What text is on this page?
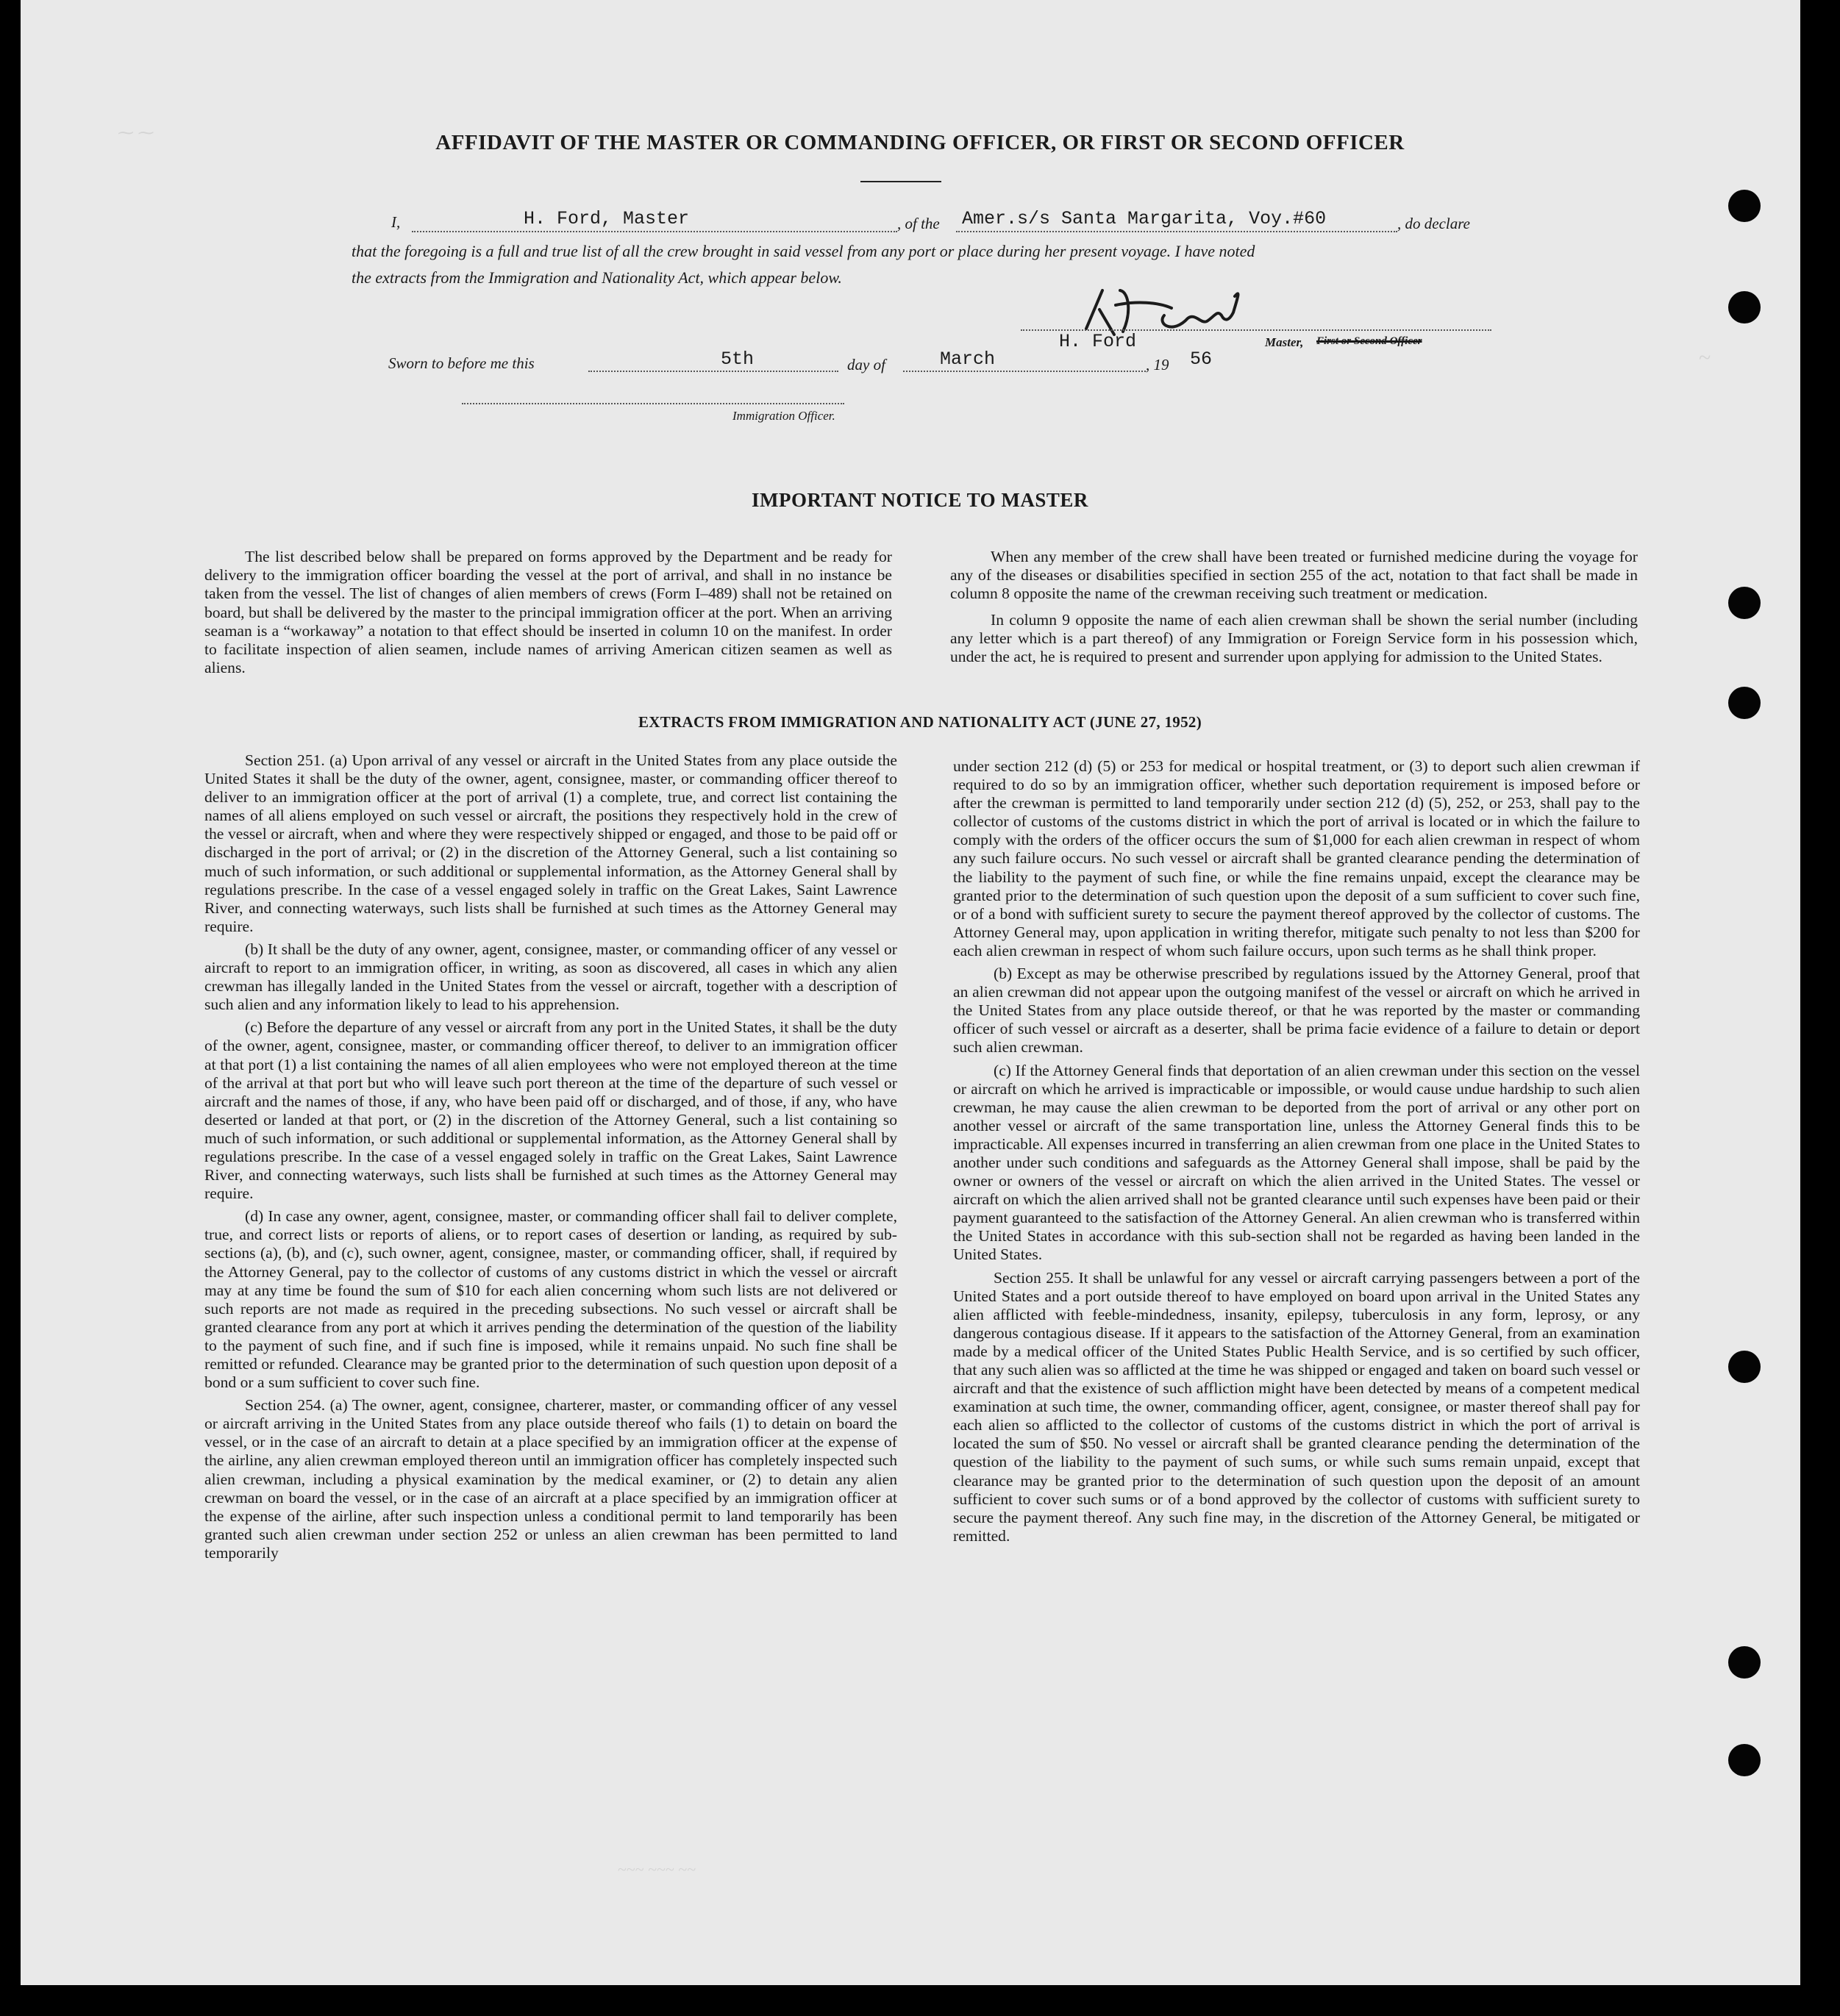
⁓ ⁓
~
~~~ ~~~ ~~
AFFIDAVIT OF THE MASTER OR COMMANDING OFFICER, OR FIRST OR SECOND OFFICER
I,	H. Ford, Master	, of the Amer.s/s Santa Margarita, Voy.#60	, do declare
that the foregoing is a full and true list of all the crew brought in said vessel from any port or place during her present voyage. I have noted
the extracts from the Immigration and Nationality Act, which appear below.
H. Ford	Master, First or Second Officer
Sworn to before me this	5th	day of	March	, 19 56
Immigration Officer.
IMPORTANT NOTICE TO MASTER

The list described below shall be prepared on forms approved by the Department and be ready for delivery to the immigration officer boarding the vessel at the port of arrival, and shall in no instance be taken from the vessel. The list of changes of alien members of crews (Form I–489) shall not be retained on board, but shall be delivered by the master to the principal immigration officer at the port. When an arriving seaman is a “workaway” a notation to that effect should be inserted in column 10 on the manifest. In order to facilitate inspection of alien seamen, include names of arriving American citizen seamen as well as aliens.

When any member of the crew shall have been treated or furnished medicine during the voyage for any of the diseases or disabilities specified in section 255 of the act, notation to that fact shall be made in column 8 opposite the name of the crewman receiving such treatment or medication.

In column 9 opposite the name of each alien crewman shall be shown the serial number (including any letter which is a part thereof) of any Immigration or Foreign Service form in his possession which, under the act, he is required to present and surrender upon applying for admission to the United States.

EXTRACTS FROM IMMIGRATION AND NATIONALITY ACT (JUNE 27, 1952)

Section 251. (a) Upon arrival of any vessel or aircraft in the United States from any place outside the United States it shall be the duty of the owner, agent, consignee, master, or commanding officer thereof to deliver to an immigration officer at the port of arrival (1) a complete, true, and correct list containing the names of all aliens employed on such vessel or aircraft, the positions they respectively hold in the crew of the vessel or aircraft, when and where they were respectively shipped or engaged, and those to be paid off or discharged in the port of arrival; or (2) in the discretion of the Attorney General, such a list containing so much of such information, or such additional or supplemental information, as the Attorney General shall by regulations prescribe. In the case of a vessel engaged solely in traffic on the Great Lakes, Saint Lawrence River, and connecting waterways, such lists shall be furnished at such times as the Attorney General may require.

(b) It shall be the duty of any owner, agent, consignee, master, or commanding officer of any vessel or aircraft to report to an immigration officer, in writing, as soon as discovered, all cases in which any alien crewman has illegally landed in the United States from the vessel or aircraft, together with a description of such alien and any information likely to lead to his apprehension.

(c) Before the departure of any vessel or aircraft from any port in the United States, it shall be the duty of the owner, agent, consignee, master, or commanding officer thereof, to deliver to an immigration officer at that port (1) a list containing the names of all alien employees who were not employed thereon at the time of the arrival at that port but who will leave such port thereon at the time of the departure of such vessel or aircraft and the names of those, if any, who have been paid off or discharged, and of those, if any, who have deserted or landed at that port, or (2) in the discretion of the Attorney General, such a list containing so much of such information, or such additional or supplemental information, as the Attorney General shall by regulations prescribe. In the case of a vessel engaged solely in traffic on the Great Lakes, Saint Lawrence River, and connecting waterways, such lists shall be furnished at such times as the Attorney General may require.

(d) In case any owner, agent, consignee, master, or commanding officer shall fail to deliver complete, true, and correct lists or reports of aliens, or to report cases of desertion or landing, as required by sub-sections (a), (b), and (c), such owner, agent, consignee, master, or commanding officer, shall, if required by the Attorney General, pay to the collector of customs of any customs district in which the vessel or aircraft may at any time be found the sum of $10 for each alien concerning whom such lists are not delivered or such reports are not made as required in the preceding subsections. No such vessel or aircraft shall be granted clearance from any port at which it arrives pending the determination of the question of the liability to the payment of such fine, and if such fine is imposed, while it remains unpaid. No such fine shall be remitted or refunded. Clearance may be granted prior to the determination of such question upon deposit of a bond or a sum sufficient to cover such fine.

Section 254. (a) The owner, agent, consignee, charterer, master, or commanding officer of any vessel or aircraft arriving in the United States from any place outside thereof who fails (1) to detain on board the vessel, or in the case of an aircraft to detain at a place specified by an immigration officer at the expense of the airline, any alien crewman employed thereon until an immigration officer has completely inspected such alien crewman, including a physical examination by the medical examiner, or (2) to detain any alien crewman on board the vessel, or in the case of an aircraft at a place specified by an immigration officer at the expense of the airline, after such inspection unless a conditional permit to land temporarily has been granted such alien crewman under section 252 or unless an alien crewman has been permitted to land temporarily

under section 212 (d) (5) or 253 for medical or hospital treatment, or (3) to deport such alien crewman if required to do so by an immigration officer, whether such deportation requirement is imposed before or after the crewman is permitted to land temporarily under section 212 (d) (5), 252, or 253, shall pay to the collector of customs of the customs district in which the port of arrival is located or in which the failure to comply with the orders of the officer occurs the sum of $1,000 for each alien crewman in respect of whom any such failure occurs. No such vessel or aircraft shall be granted clearance pending the determination of the liability to the payment of such fine, or while the fine remains unpaid, except the clearance may be granted prior to the determination of such question upon the deposit of a sum sufficient to cover such fine, or of a bond with sufficient surety to secure the payment thereof approved by the collector of customs. The Attorney General may, upon application in writing therefor, mitigate such penalty to not less than $200 for each alien crewman in respect of whom such failure occurs, upon such terms as he shall think proper.

(b) Except as may be otherwise prescribed by regulations issued by the Attorney General, proof that an alien crewman did not appear upon the outgoing manifest of the vessel or aircraft on which he arrived in the United States from any place outside thereof, or that he was reported by the master or commanding officer of such vessel or aircraft as a deserter, shall be prima facie evidence of a failure to detain or deport such alien crewman.

(c) If the Attorney General finds that deportation of an alien crewman under this section on the vessel or aircraft on which he arrived is impracticable or impossible, or would cause undue hardship to such alien crewman, he may cause the alien crewman to be deported from the port of arrival or any other port on another vessel or aircraft of the same transportation line, unless the Attorney General finds this to be impracticable. All expenses incurred in transferring an alien crewman from one place in the United States to another under such conditions and safeguards as the Attorney General shall impose, shall be paid by the owner or owners of the vessel or aircraft on which the alien arrived in the United States. The vessel or aircraft on which the alien arrived shall not be granted clearance until such expenses have been paid or their payment guaranteed to the satisfaction of the Attorney General. An alien crewman who is transferred within the United States in accordance with this sub-section shall not be regarded as having been landed in the United States.

Section 255. It shall be unlawful for any vessel or aircraft carrying passengers between a port of the United States and a port outside thereof to have employed on board upon arrival in the United States any alien afflicted with feeble-mindedness, insanity, epilepsy, tuberculosis in any form, leprosy, or any dangerous contagious disease. If it appears to the satisfaction of the Attorney General, from an examination made by a medical officer of the United States Public Health Service, and is so certified by such officer, that any such alien was so afflicted at the time he was shipped or engaged and taken on board such vessel or aircraft and that the existence of such affliction might have been detected by means of a competent medical examination at such time, the owner, commanding officer, agent, consignee, or master thereof shall pay for each alien so afflicted to the collector of customs of the customs district in which the port of arrival is located the sum of $50. No vessel or aircraft shall be granted clearance pending the determination of the question of the liability to the payment of such sums, or while such sums remain unpaid, except that clearance may be granted prior to the determination of such question upon the deposit of an amount sufficient to cover such sums or of a bond approved by the collector of customs with sufficient surety to secure the payment thereof. Any such fine may, in the discretion of the Attorney General, be mitigated or remitted.
